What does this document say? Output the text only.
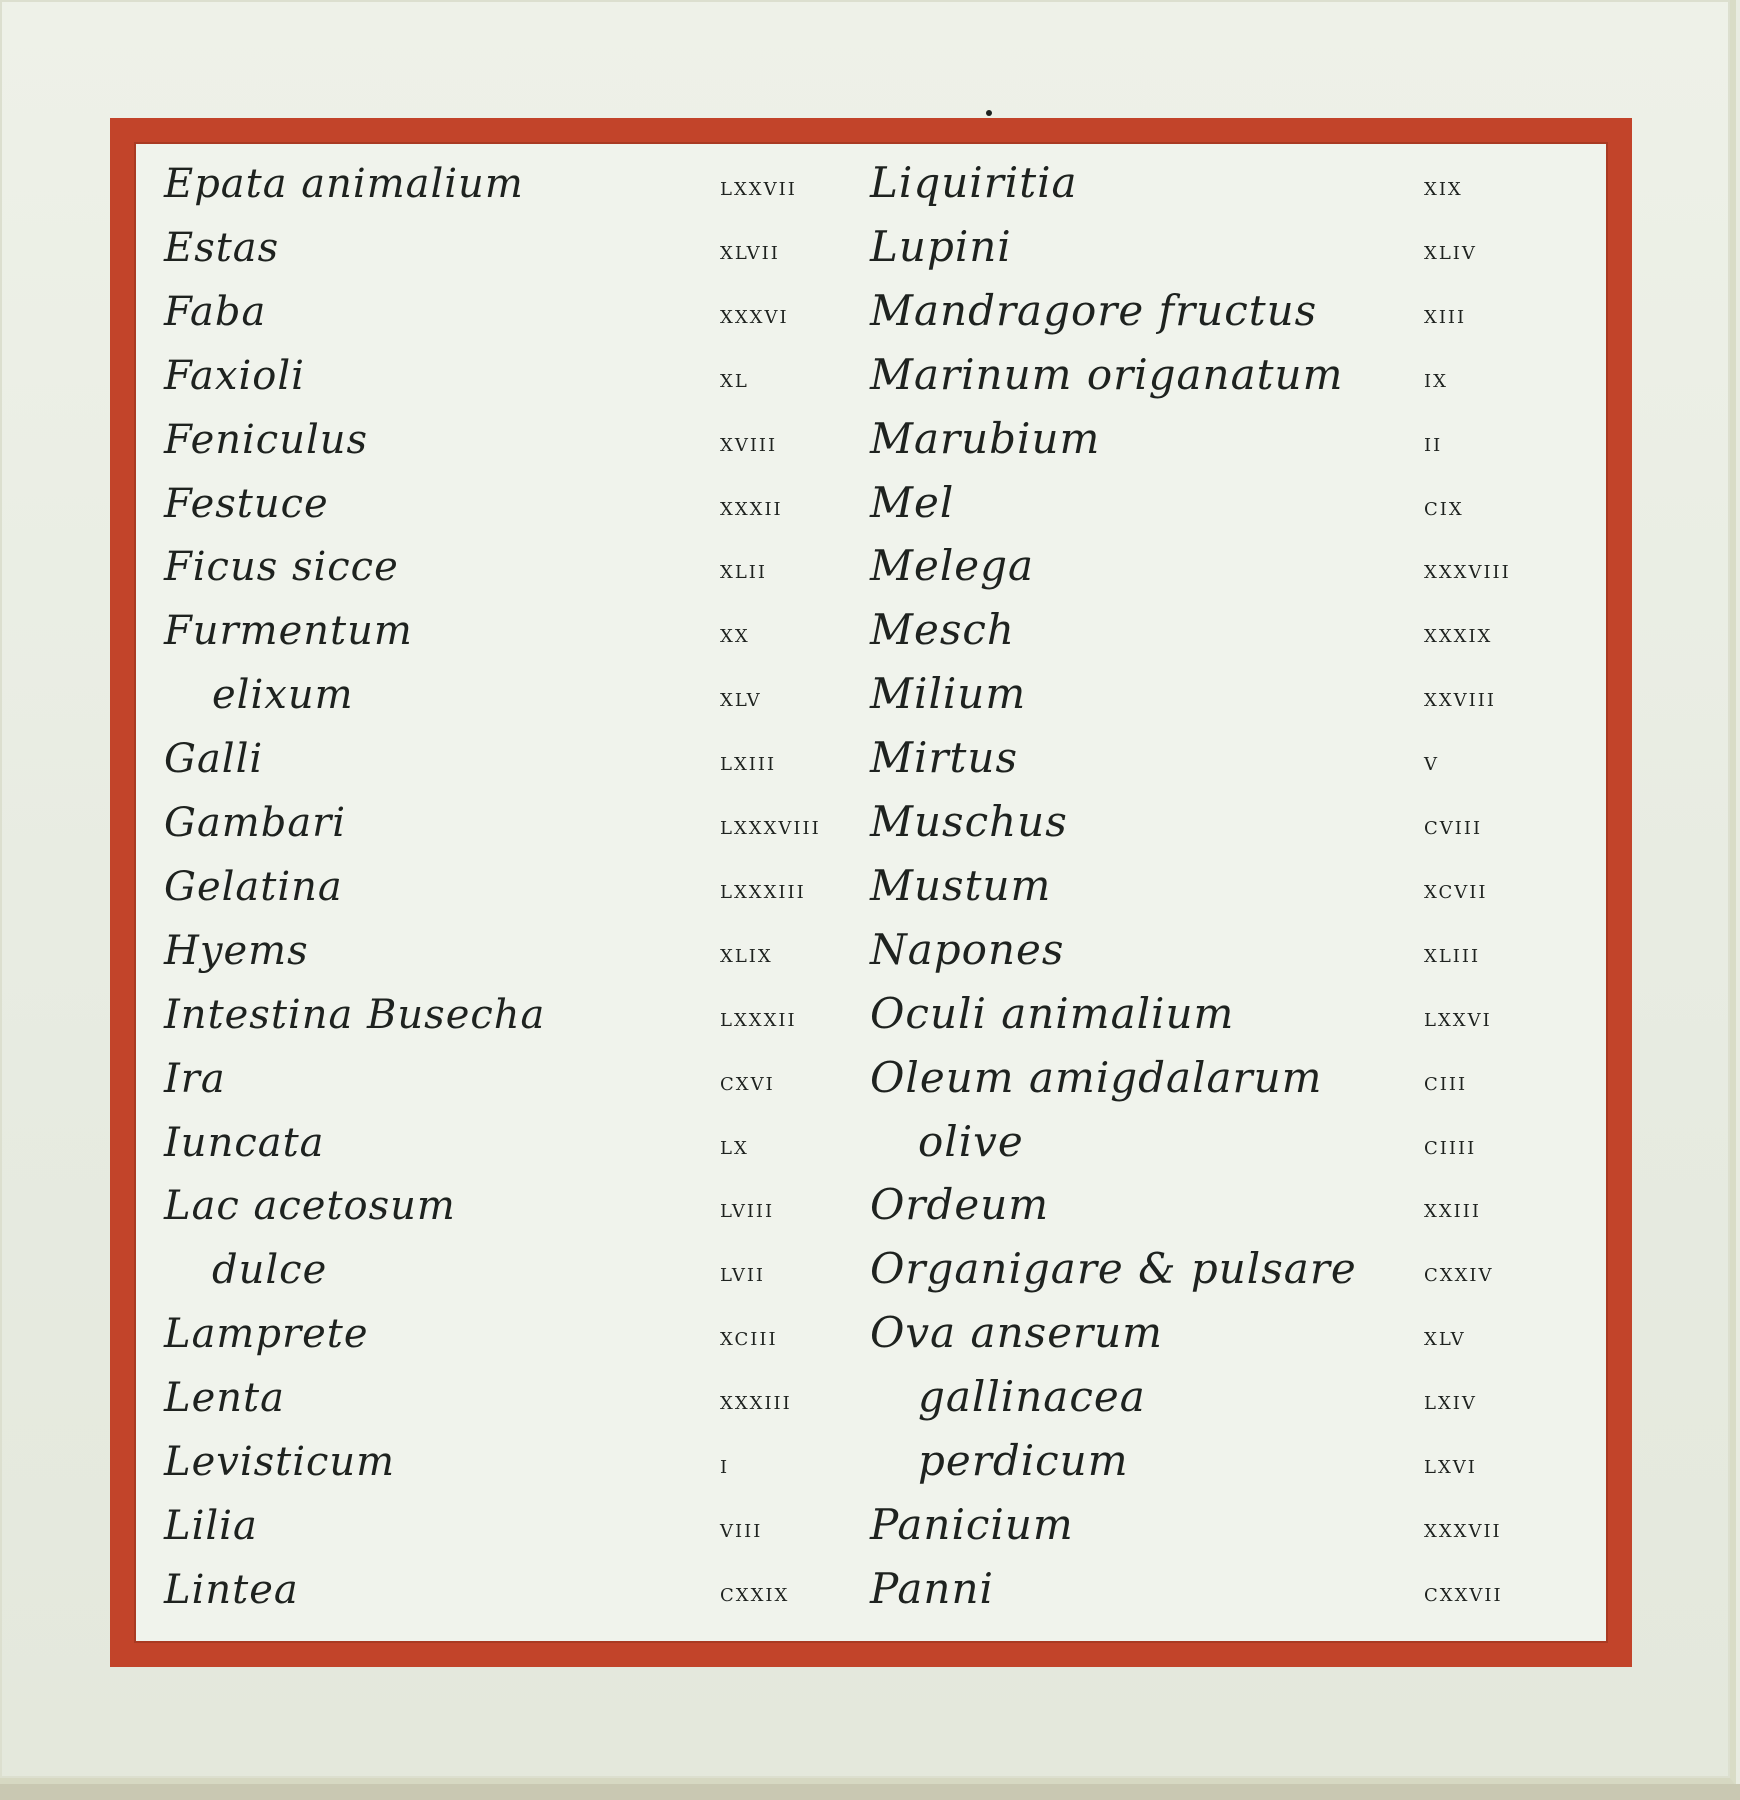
Epata animalium	lxxvii Liquiritia	xix
Estas	xlvii Lupini	xliv
Faba	xxxvi Mandragore fructus	xiii
Faxioli	xl	Marinum origanatum	ix
Feniculus	xviii Marubium	ii
Festuce	xxxii Mel	cix
Ficus sicce	xlii Melega	xxxviii
Furmentum	xx	Mesch	xxxix
elixum	xlv	Milium	xxviii
Galli	lxiii Mirtus	v
Gambari	lxxxviii Muschus	cviii
Gelatina	lxxxiii Mustum	xcvii
Hyems	xlix Napones	xliii
Intestina Busecha	lxxxii Oculi animalium	lxxvi
Ira	cxvi Oleum amigdalarum	ciii
Iuncata	lx	olive	ciiii
Lac acetosum	lviii Ordeum	xxiii
dulce	lvii Organigare & pulsare	cxxiv
Lamprete	xciii Ova anserum	xlv
Lenta	xxxiii	gallinacea	lxiv
Levisticum	i	perdicum	lxvi
Lilia	viii	Panicium	xxxvii
Lintea	cxxix Panni	cxxvii
